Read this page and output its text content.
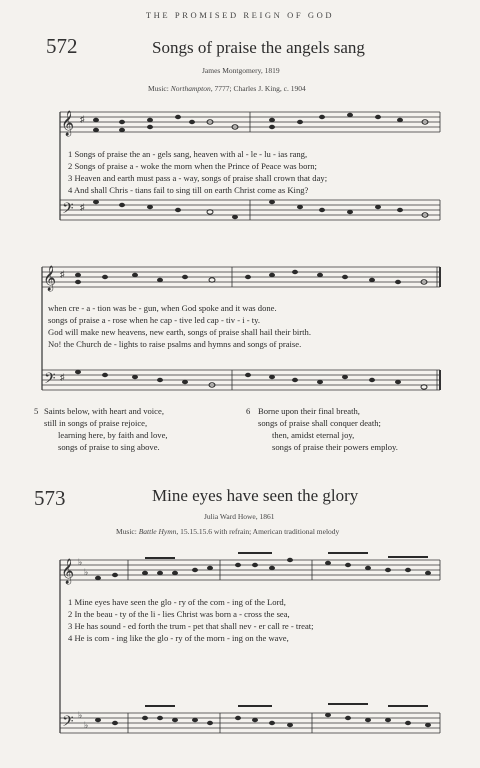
THE PROMISED REIGN OF GOD
572	Songs of praise the angels sang
James Montgomery, 1819
Music: Northampton, 7777; Charles J. King, c. 1904
𝄞
𝄢
♯
♯
1 Songs of praise the an - gels sang, heaven with al - le - lu - ias rang,
2 Songs of praise a - woke the morn when the Prince of Peace was born;
3 Heaven and earth must pass a - way, songs of praise shall crown that day;
4 And shall Chris - tians fail to sing till on earth Christ come as King?
𝄞
𝄢
♯
♯
when cre - a - tion was be - gun, when God spoke and it was done.
songs of praise a - rose when he cap - tive led cap - tiv - i - ty.
God will make new heavens, new earth, songs of praise shall hail their birth.
No! the Church de - lights to raise psalms and hymns and songs of praise.
5 Saints below, with heart and voice,
still in songs of praise rejoice,
learning here, by faith and love,
songs of praise to sing above.
6 Borne upon their final breath,
songs of praise shall conquer death;
then, amidst eternal joy,
songs of praise their powers employ.
573	Mine eyes have seen the glory
Julia Ward Howe, 1861
Music: Battle Hymn, 15.15.15.6 with refrain; American traditional melody
𝄞
𝄢
♭
♭
♭
♭
1 Mine eyes have seen the glo - ry of the com - ing of the Lord,
2 In the beau - ty of the li - lies Christ was born a - cross the sea,
3 He has sound - ed forth the trum - pet that shall nev - er call re - treat;
4 He is com - ing like the glo - ry of the morn - ing on the wave,
